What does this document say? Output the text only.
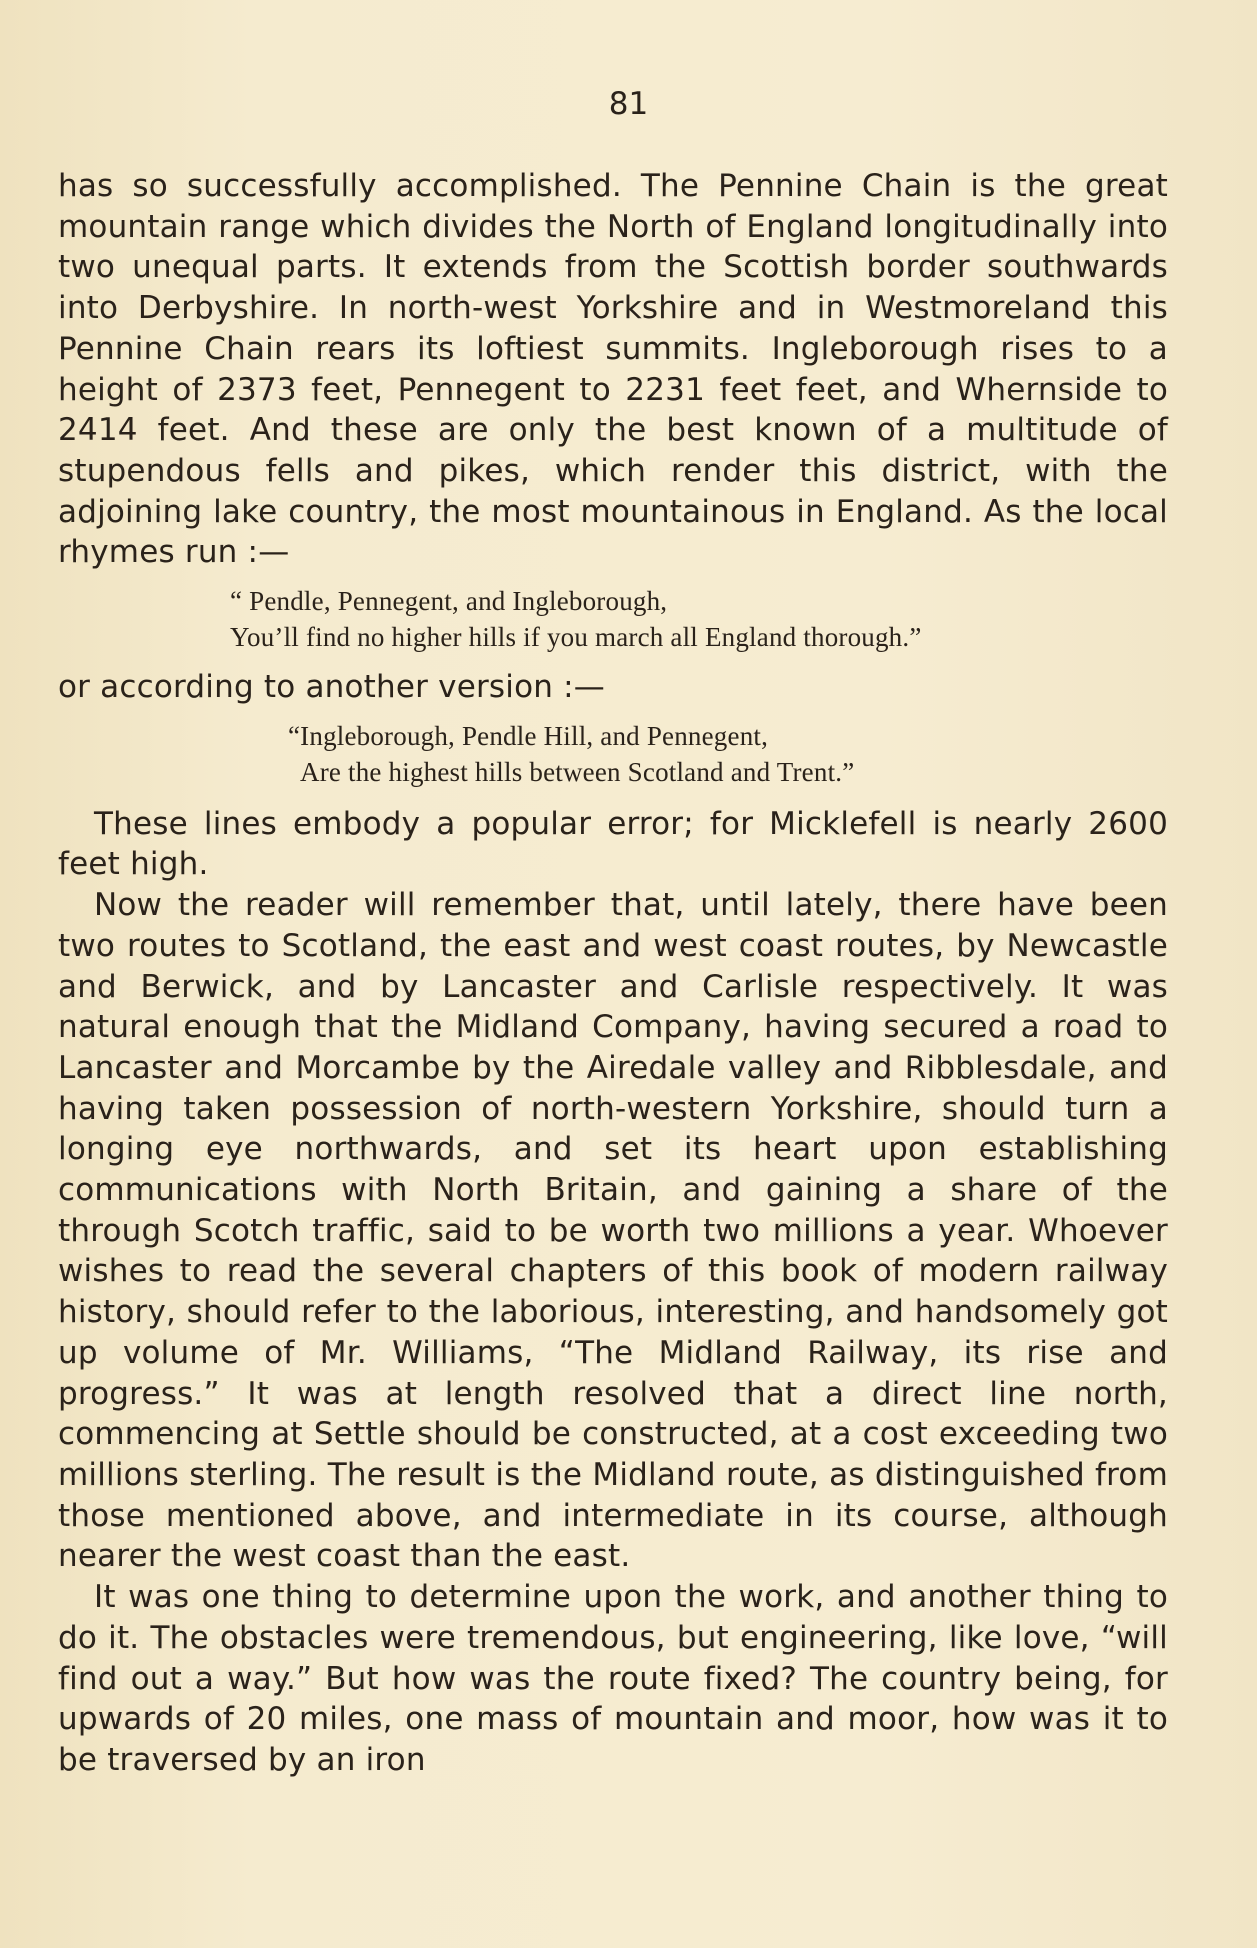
81

has so successfully accomplished. The Pennine Chain is the great mountain range which divides the North of England longitudinally into two unequal parts. It extends from the Scottish border southwards into Derbyshire. In north-west Yorkshire and in Westmoreland this Pennine Chain rears its loftiest summits. Ingleborough rises to a height of 2373 feet, Pennegent to 2231 feet feet, and Whernside to 2414 feet. And these are only the best known of a multitude of stupendous fells and pikes, which render this district, with the adjoining lake country, the most mountainous in England. As the local rhymes run :—

“ Pendle, Pennegent, and Ingleborough,
You’ll find no higher hills if you march all England thorough.”

or according to another version :—

“Ingleborough, Pendle Hill, and Pennegent,
Are the highest hills between Scotland and Trent.”

These lines embody a popular error; for Micklefell is nearly 2600 feet high.

Now the reader will remember that, until lately, there have been two routes to Scotland, the east and west coast routes, by Newcastle and Berwick, and by Lancaster and Carlisle respectively. It was natural enough that the Midland Company, having secured a road to Lancaster and Morcambe by the Airedale valley and Ribblesdale, and having taken possession of north-western Yorkshire, should turn a longing eye northwards, and set its heart upon establishing communications with North Britain, and gaining a share of the through Scotch traffic, said to be worth two millions a year. Whoever wishes to read the several chapters of this book of modern railway history, should refer to the laborious, interesting, and handsomely got up volume of Mr. Williams, “The Midland Railway, its rise and progress.” It was at length resolved that a direct line north, commencing at Settle should be constructed, at a cost exceeding two millions sterling. The result is the Midland route, as distinguished from those mentioned above, and intermediate in its course, although nearer the west coast than the east.

It was one thing to determine upon the work, and another thing to do it. The obstacles were tremendous, but engineering, like love, “will find out a way.” But how was the route fixed? The country being, for upwards of 20 miles, one mass of mountain and moor, how was it to be traversed by an iron
